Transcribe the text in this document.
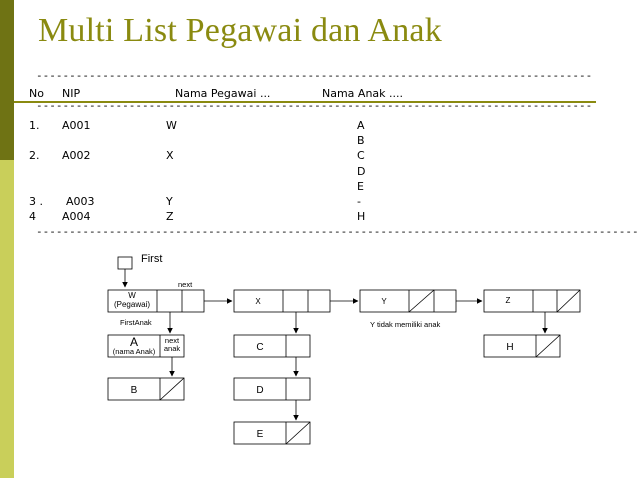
Multi List Pegawai dan Anak
------------------------------------------------------------------------------------
------------------------------------------------------------------------------------
-------------------------------------------------------------------------------------------
No NIP	Nama Pegawai ...	Nama Anak ....
1. A001	W	A
B
2. A002	X	C
D
E
3 . A003	Y	-
4 A004	Z	H
First
next
W
(Pegawai)	X	Y	Z
FirstAnak	Y tidak memiliki anak
A
(nama Anak)
next
anak
B
C
D
E
H
